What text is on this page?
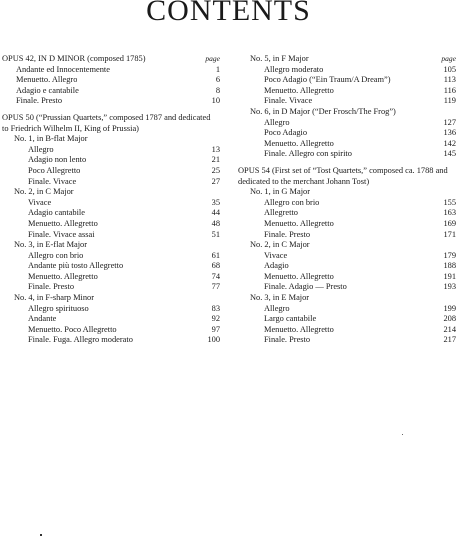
CONTENTS
OPUS 42, IN D MINOR (composed 1785)	page
Andante ed Innocentemente	1
Menuetto. Allegro	6
Adagio e cantabile	8
Finale. Presto	10
OPUS 50 (“Prussian Quartets,” composed 1787 and dedicated to Friedrich Wilhelm II, King of Prussia)
No. 1, in B-flat Major
Allegro	13
Adagio non lento	21
Poco Allegretto	25
Finale. Vivace	27
No. 2, in C Major
Vivace	35
Adagio cantabile	44
Menuetto. Allegretto	48
Finale. Vivace assai	51
No. 3, in E-flat Major
Allegro con brio	61
Andante più tosto Allegretto	68
Menuetto. Allegretto	74
Finale. Presto	77
No. 4, in F-sharp Minor
Allegro spirituoso	83
Andante	92
Menuetto. Poco Allegretto	97
Finale. Fuga. Allegro moderato	100
No. 5, in F Major	page
Allegro moderato	105
Poco Adagio (“Ein Traum/A Dream”)	113
Menuetto. Allegretto	116
Finale. Vivace	119
No. 6, in D Major (“Der Frosch/The Frog”)
Allegro	127
Poco Adagio	136
Menuetto. Allegretto	142
Finale. Allegro con spirito	145
OPUS 54 (First set of “Tost Quartets,” composed ca. 1788 and dedicated to the merchant Johann Tost)
No. 1, in G Major
Allegro con brio	155
Allegretto	163
Menuetto. Allegretto	169
Finale. Presto	171
No. 2, in C Major
Vivace	179
Adagio	188
Menuetto. Allegretto	191
Finale. Adagio — Presto	193
No. 3, in E Major
Allegro	199
Largo cantabile	208
Menuetto. Allegretto	214
Finale. Presto	217
